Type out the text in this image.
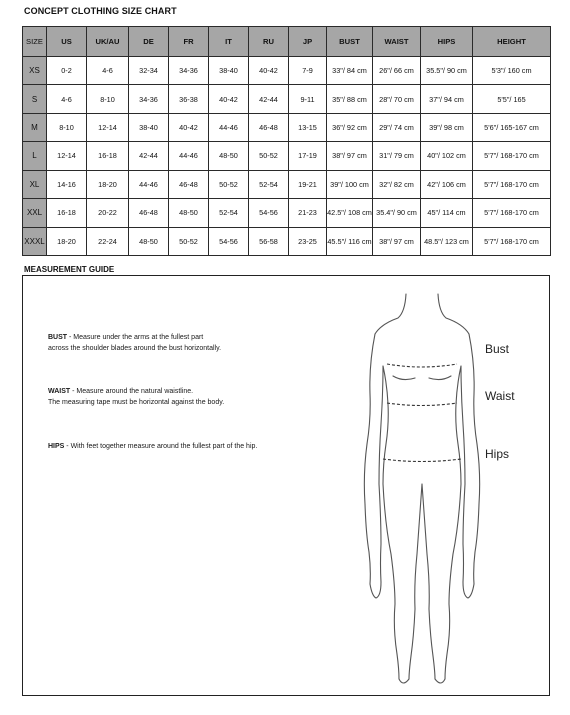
CONCEPT CLOTHING SIZE CHART
SIZE	US	UK/AU	DE	FR	IT	RU	JP	BUST	WAIST	HIPS	HEIGHT
XS	0-2	4-6	32-34	34-36	38-40	40-42	7-9	33"/ 84 cm	26"/ 66 cm	35.5"/ 90 cm	5'3"/ 160 cm
S	4-6	8-10	34-36	36-38	40-42	42-44	9-11	35"/ 88 cm	28"/ 70 cm	37"/ 94 cm	5'5"/ 165
M	8-10	12-14	38-40	40-42	44-46	46-48	13-15	36"/ 92 cm	29"/ 74 cm	39"/ 98 cm	5'6"/ 165-167 cm
L	12-14	16-18	42-44	44-46	48-50	50-52	17-19	38"/ 97 cm	31"/ 79 cm	40"/ 102 cm	5'7"/ 168-170 cm
XL	14-16	18-20	44-46	46-48	50-52	52-54	19-21	39"/ 100 cm	32"/ 82 cm	42"/ 106 cm	5'7"/ 168-170 cm
XXL	16-18	20-22	46-48	48-50	52-54	54-56	21-23	42.5"/ 108 cm	35.4"/ 90 cm	45"/ 114 cm	5'7"/ 168-170 cm
XXXL	18-20	22-24	48-50	50-52	54-56	56-58	23-25	45.5"/ 116 cm	38"/ 97 cm	48.5"/ 123 cm	5'7"/ 168-170 cm
MEASUREMENT GUIDE
BUST - Measure under the arms at the fullest part
across the shoulder blades around the bust horizontally.
WAIST - Measure around the natural waistline.
The measuring tape must be horizontal against the body.
HIPS - With feet together measure around the fullest part of the hip.
Bust
Waist
Hips
